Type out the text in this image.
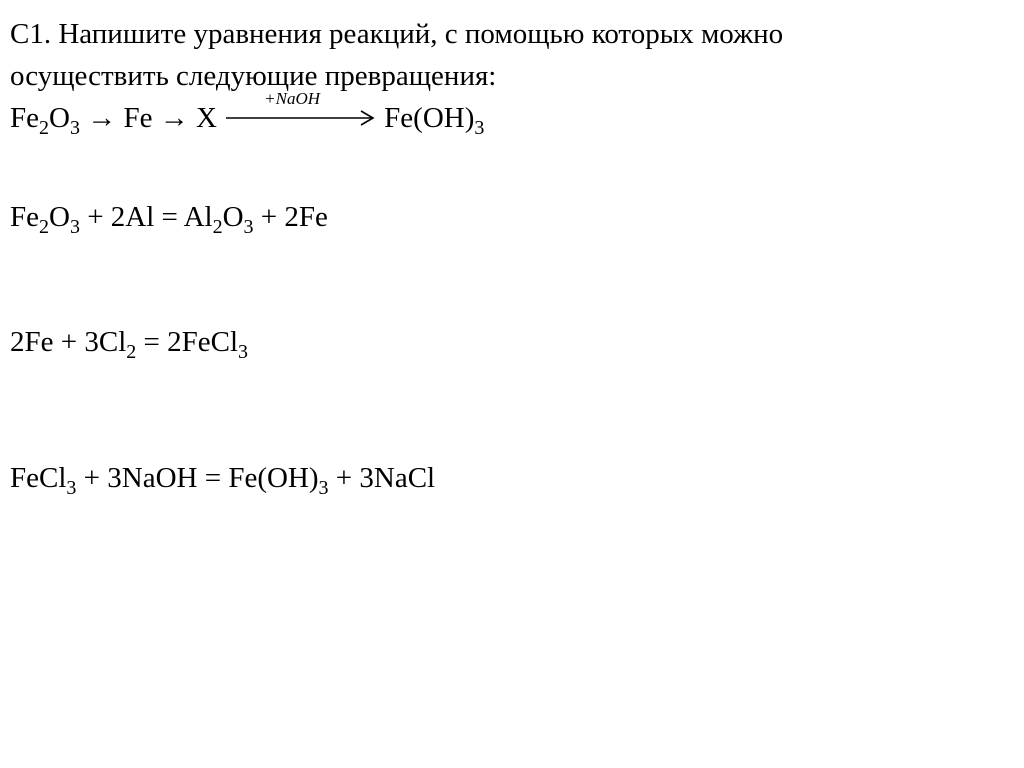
С1. Напишите уравнения реакций, с помощью которых можно
осуществить следующие превращения:
$Fe_2O_3 \to Fe \to X$
+NaOH
$Fe(OH)_3$
$Fe_2O_3 + 2Al = Al_2O_3 + 2Fe$
$2Fe + 3Cl_2$ = 2FeCl$_3$
FeCl$_3$ + 3NaOH = $Fe(OH)_3$ + 3NaCl
